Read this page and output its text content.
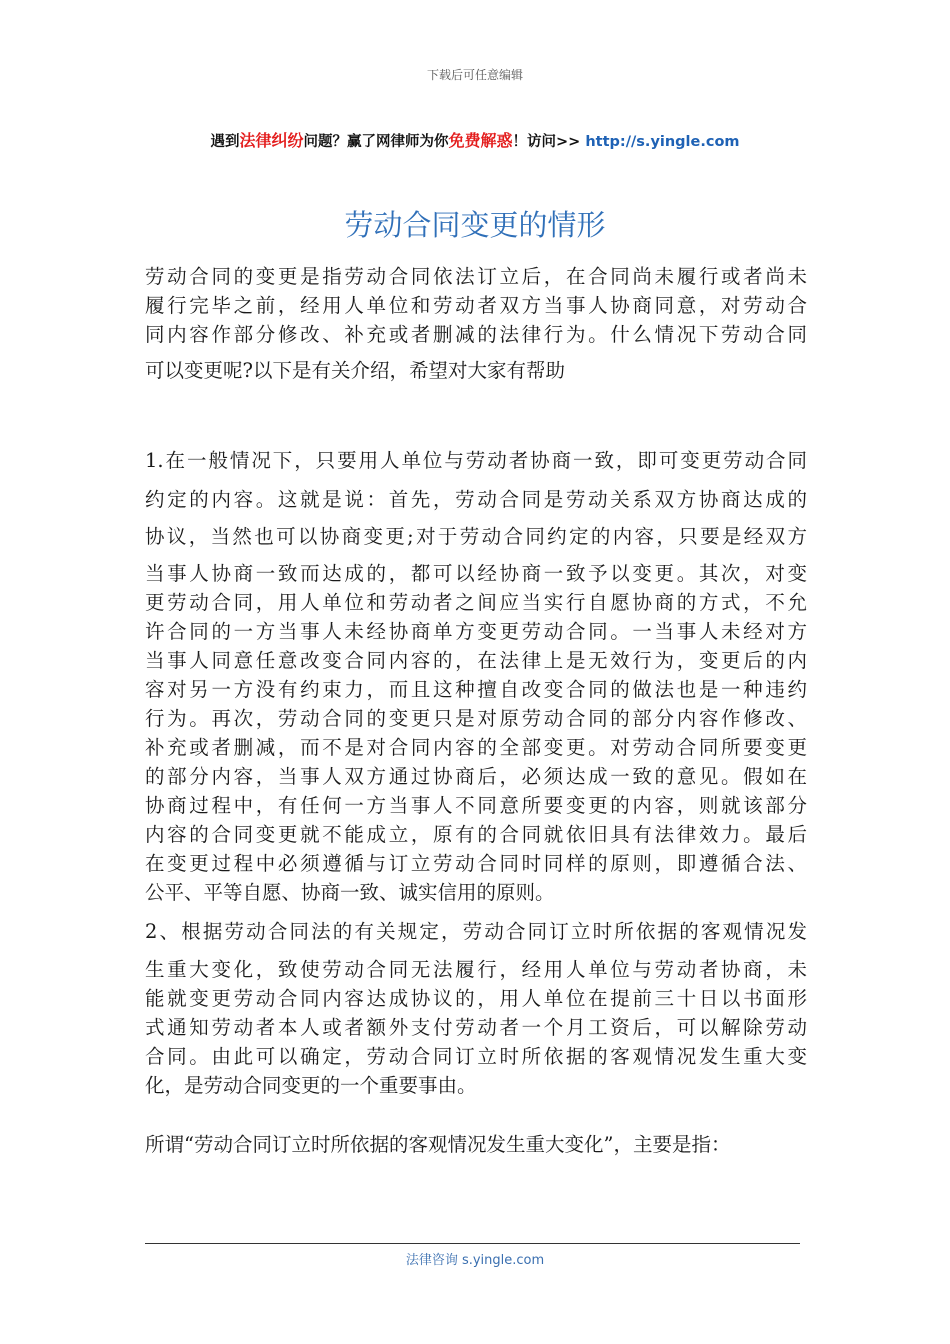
下载后可任意编辑
遇到法律纠纷问题？赢了网律师为你免费解惑！访问>> http://s.yingle.com
劳动合同变更的情形
劳动合同的变更是指劳动合同依法订立后，在合同尚未履行或者尚未
履行完毕之前，经用人单位和劳动者双方当事人协商同意，对劳动合
同内容作部分修改、补充或者删减的法律行为。什么情况下劳动合同
可以变更呢?以下是有关介绍，希望对大家有帮助
1.在一般情况下，只要用人单位与劳动者协商一致，即可变更劳动合同
约定的内容。这就是说：首先，劳动合同是劳动关系双方协商达成的
协议，当然也可以协商变更;对于劳动合同约定的内容，只要是经双方
当事人协商一致而达成的，都可以经协商一致予以变更。其次，对变
更劳动合同，用人单位和劳动者之间应当实行自愿协商的方式，不允
许合同的一方当事人未经协商单方变更劳动合同。一当事人未经对方
当事人同意任意改变合同内容的，在法律上是无效行为，变更后的内
容对另一方没有约束力，而且这种擅自改变合同的做法也是一种违约
行为。再次，劳动合同的变更只是对原劳动合同的部分内容作修改、
补充或者删减，而不是对合同内容的全部变更。对劳动合同所要变更
的部分内容，当事人双方通过协商后，必须达成一致的意见。假如在
协商过程中，有任何一方当事人不同意所要变更的内容，则就该部分
内容的合同变更就不能成立，原有的合同就依旧具有法律效力。最后
在变更过程中必须遵循与订立劳动合同时同样的原则，即遵循合法、
公平、平等自愿、协商一致、诚实信用的原则。
2、根据劳动合同法的有关规定，劳动合同订立时所依据的客观情况发
生重大变化，致使劳动合同无法履行，经用人单位与劳动者协商，未
能就变更劳动合同内容达成协议的，用人单位在提前三十日以书面形
式通知劳动者本人或者额外支付劳动者一个月工资后，可以解除劳动
合同。由此可以确定，劳动合同订立时所依据的客观情况发生重大变
化，是劳动合同变更的一个重要事由。
所谓“劳动合同订立时所依据的客观情况发生重大变化”，主要是指：
法律咨询 s.yingle.com
